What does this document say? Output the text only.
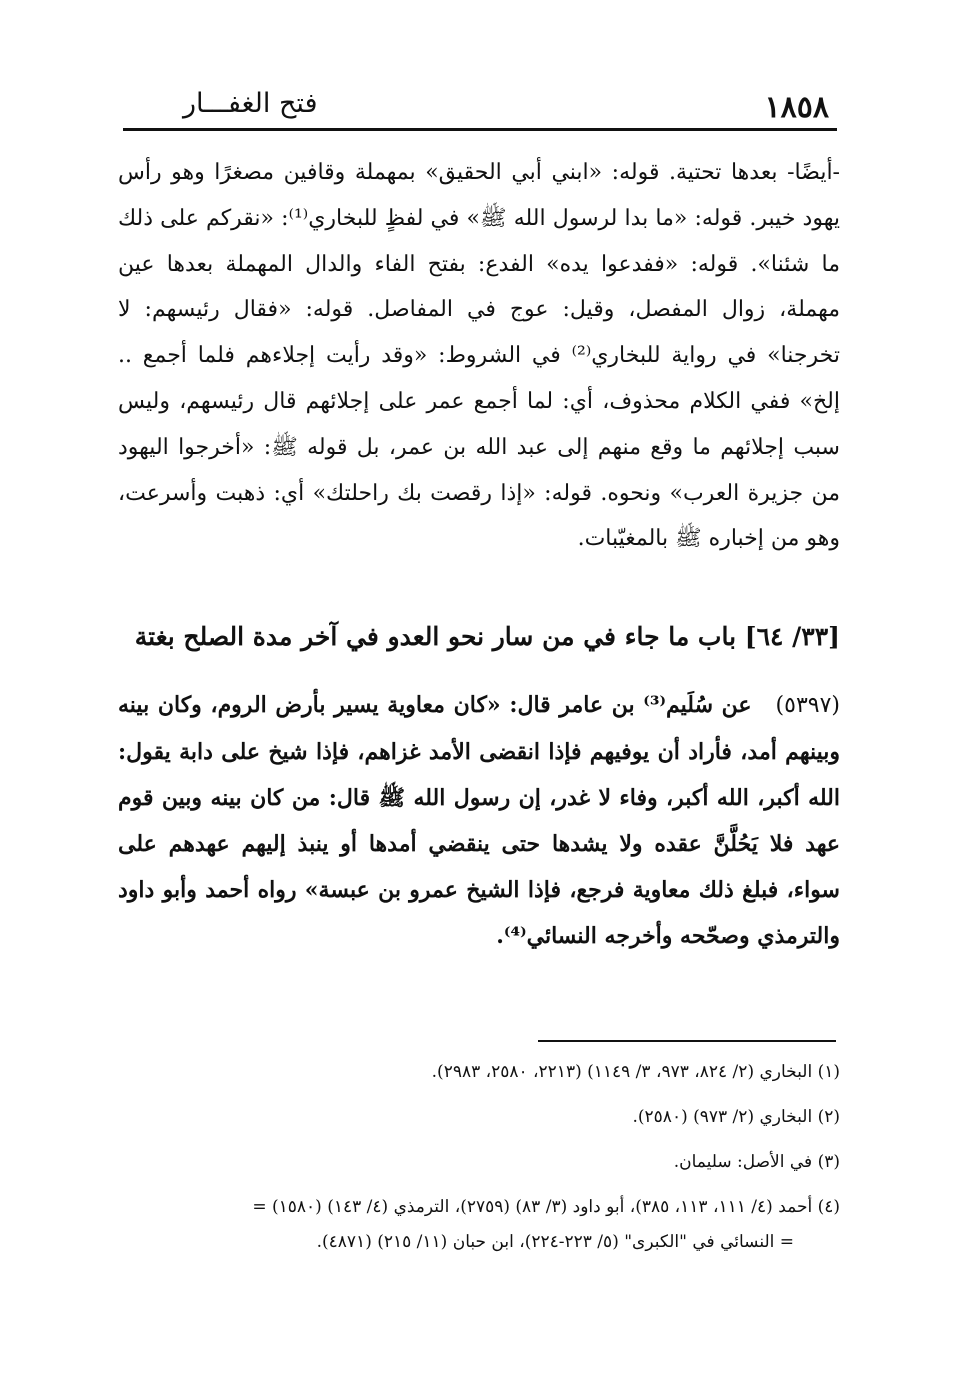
١٨٥٨
فتح الغفـــار

-أيضًا- بعدها تحتية. قوله: «ابني أبي الحقيق» بمهملة وقافين مصغرًا وهو رأس يهود خيبر. قوله: «ما بدا لرسول الله ﷺ» في لفظٍ للبخاري⁽¹⁾: «نقركم على ذلك ما شئنا». قوله: «ففدعوا يده» الفدع: بفتح الفاء والدال المهملة بعدها عين مهملة، زوال المفصل، وقيل: عوج في المفاصل. قوله: «فقال رئيسهم: لا تخرجنا» في رواية للبخاري⁽²⁾ في الشروط: «وقد رأيت إجلاءهم فلما أجمع .. إلخ» ففي الكلام محذوف، أي: لما أجمع عمر على إجلائهم قال رئيسهم، وليس سبب إجلائهم ما وقع منهم إلى عبد الله بن عمر، بل قوله ﷺ: «أخرجوا اليهود من جزيرة العرب» ونحوه. قوله: «إذا رقصت بك راحلتك» أي: ذهبت وأسرعت، وهو من إخباره ﷺ بالمغيّبات.

[٣٣/ ٦٤] باب ما جاء في من سار نحو العدو في آخر مدة الصلح بغتة

(٥٣٩٧)عن سُلَيم⁽³⁾ بن عامر قال: «كان معاوية يسير بأرض الروم، وكان بينه وبينهم أمد، فأراد أن يوفيهم فإذا انقضى الأمد غزاهم، فإذا شيخ على دابة يقول: الله أكبر، الله أكبر، وفاء لا غدر، إن رسول الله ﷺ قال: من كان بينه وبين قوم عهد فلا يَحُلَّنَّ عقده ولا يشدها حتى ينقضي أمدها أو ينبذ إليهم عهدهم على سواء، فبلغ ذلك معاوية فرجع، فإذا الشيخ عمرو بن عبسة» رواه أحمد وأبو داود والترمذي وصحّحه وأخرجه النسائي⁽⁴⁾.

(١) البخاري (٢/ ٨٢٤، ٩٧٣، ٣/ ١١٤٩) (٢٢١٣، ٢٥٨٠، ٢٩٨٣).

(٢) البخاري (٢/ ٩٧٣) (٢٥٨٠).

(٣) في الأصل: سليمان.

(٤) أحمد (٤/ ١١١، ١١٣، ٣٨٥)، أبو داود (٣/ ٨٣) (٢٧٥٩)، الترمذي (٤/ ١٤٣) (١٥٨٠) =

= النسائي في "الكبرى" (٥/ ٢٢٣-٢٢٤)، ابن حبان (١١/ ٢١٥) (٤٨٧١).
